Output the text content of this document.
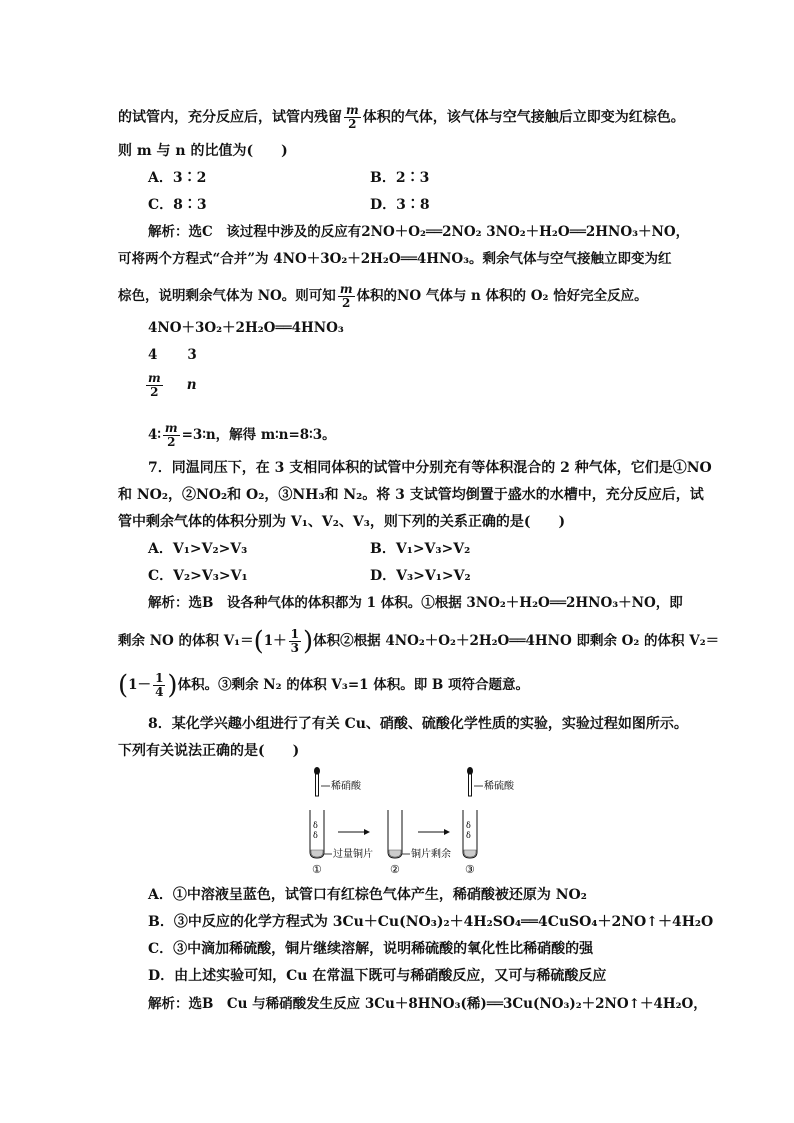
的试管内，充分反应后，试管内残留 $\frac{m}{2}$ 体积的气体，该气体与空气接触后立即变为红棕色。
则 m 与 n 的比值为(　　)
A．3∶2	B．2∶3
C．8∶3	D．3∶8
解析：选C　该过程中涉及的反应有2NO＋O₂══2NO₂ 3NO₂＋H₂O══2HNO₃＋NO，
可将两个方程式“合并”为 4NO＋3O₂＋2H₂O══4HNO₃。剩余气体与空气接触立即变为红
棕色，说明剩余气体为 NO。则可知 $\frac{m}{2}$ 体积的NO 气体与 n 体积的 O₂ 恰好完全反应。
4NO＋3O₂＋2H₂O══4HNO₃
4 3
$\frac{m}{2}$ n
4∶ $\frac{m}{2}$ =3∶n，解得 m∶n=8∶3。
7．同温同压下，在 3 支相同体积的试管中分别充有等体积混合的 2 种气体，它们是①NO
和 NO₂，②NO₂和 O₂，③NH₃和 N₂。将 3 支试管均倒置于盛水的水槽中，充分反应后，试
管中剩余气体的体积分别为 V₁、V₂、V₃，则下列的关系正确的是(　　)
A．V₁>V₂>V₃	B．V₁>V₃>V₂
C．V₂>V₃>V₁	D．V₃>V₁>V₂
解析：选B　设各种气体的体积都为 1 体积。①根据 3NO₂＋H₂O══2HNO₃＋NO，即
剩余 NO 的体积 $V_1=(1+ \frac{1}{3}$ )体积②根据 4NO₂＋O₂＋2H₂O══4HNO 即剩余 O₂ 的体积 V₂＝
($1- \frac{1}{4}$ )体积。③剩余 N₂ 的体积 V₃=1 体积。即 B 项符合题意。
8．某化学兴趣小组进行了有关 Cu、硝酸、硫酸化学性质的实验，实验过程如图所示。
下列有关说法正确的是(　　)
稀硝酸
δ
δ
过量铜片
①
铜片剩余
②
稀硫酸
δ
δ
③
A．①中溶液呈蓝色，试管口有红棕色气体产生，稀硝酸被还原为 NO₂
B．③中反应的化学方程式为 3Cu＋Cu(NO₃)₂＋4H₂SO₄══4CuSO₄＋2NO↑＋4H₂O
C．③中滴加稀硫酸，铜片继续溶解，说明稀硫酸的氧化性比稀硝酸的强
D．由上述实验可知，Cu 在常温下既可与稀硝酸反应，又可与稀硫酸反应
解析：选B　Cu 与稀硝酸发生反应 3Cu＋8HNO₃(稀)══3Cu(NO₃)₂＋2NO↑＋4H₂O，
